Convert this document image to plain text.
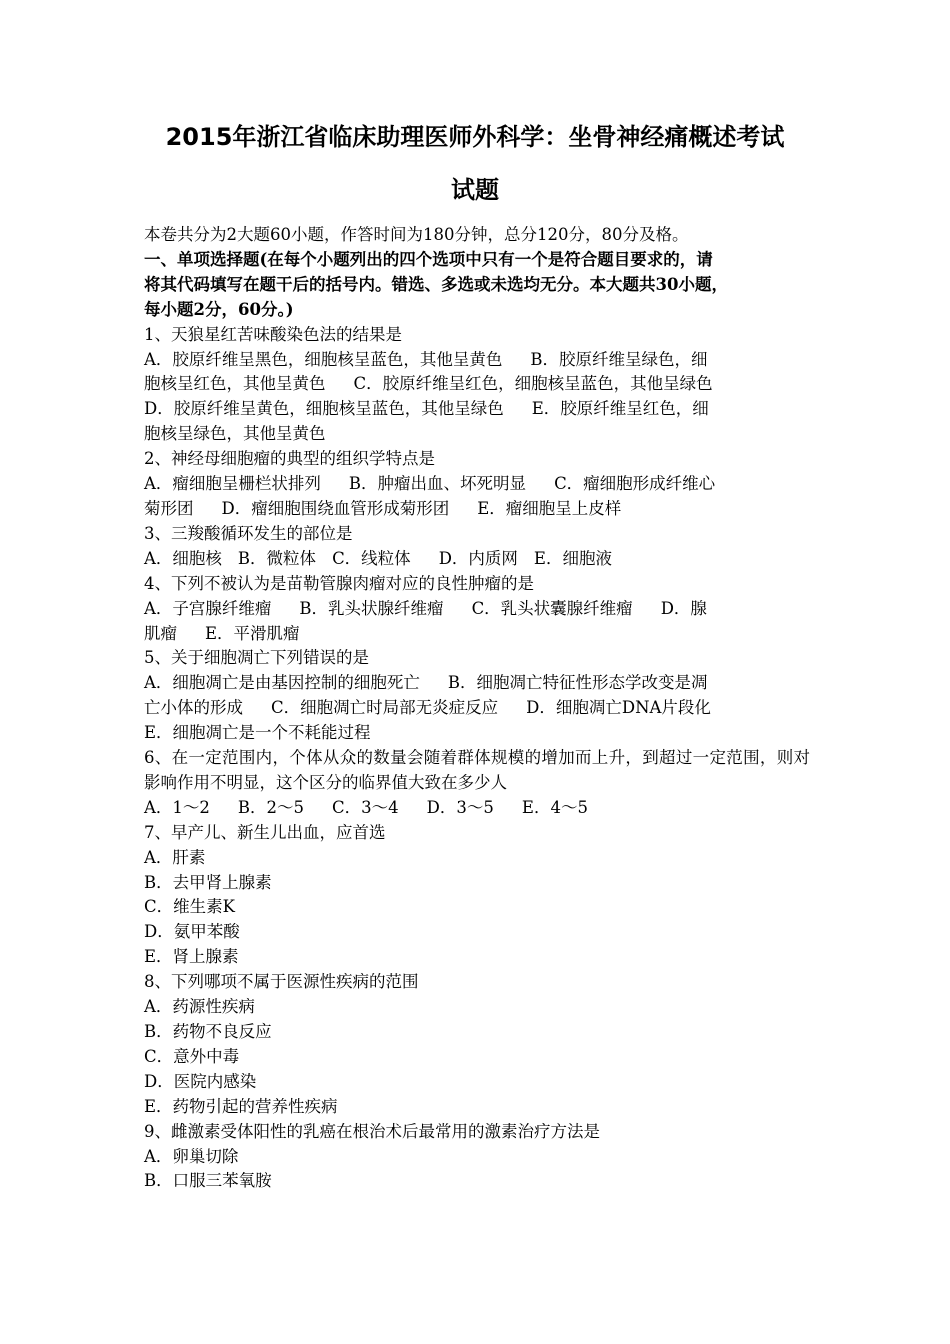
2015年浙江省临床助理医师外科学：坐骨神经痛概述考试
试题

本卷共分为2大题60小题，作答时间为180分钟，总分120分，80分及格。

一、单项选择题(在每个小题列出的四个选项中只有一个是符合题目要求的，请

将其代码填写在题干后的括号内。错选、多选或未选均无分。本大题共30小题，

每小题2分，60分。)

1、天狼星红苦味酸染色法的结果是

A．胶原纤维呈黑色，细胞核呈蓝色，其他呈黄色 B．胶原纤维呈绿色，细

胞核呈红色，其他呈黄色 C．胶原纤维呈红色，细胞核呈蓝色，其他呈绿色

D．胶原纤维呈黄色，细胞核呈蓝色，其他呈绿色 E．胶原纤维呈红色，细

胞核呈绿色，其他呈黄色

2、神经母细胞瘤的典型的组织学特点是

A．瘤细胞呈栅栏状排列 B．肿瘤出血、坏死明显 C．瘤细胞形成纤维心

菊形团 D．瘤细胞围绕血管形成菊形团 E．瘤细胞呈上皮样

3、三羧酸循环发生的部位是

A．细胞核 B．微粒体 C．线粒体 D．内质网 E．细胞液

4、下列不被认为是苗勒管腺肉瘤对应的良性肿瘤的是

A．子宫腺纤维瘤 B．乳头状腺纤维瘤 C．乳头状囊腺纤维瘤 D．腺

肌瘤 E．平滑肌瘤

5、关于细胞凋亡下列错误的是

A．细胞凋亡是由基因控制的细胞死亡 B．细胞凋亡特征性形态学改变是凋

亡小体的形成 C．细胞凋亡时局部无炎症反应 D．细胞凋亡DNA片段化

E．细胞凋亡是一个不耗能过程

6、在一定范围内，个体从众的数量会随着群体规模的增加而上升，到超过一定范围，则对影响作用不明显，这个区分的临界值大致在多少人

A．1～2 B．2～5 C．3～4 D．3～5 E．4～5

7、早产儿、新生儿出血，应首选

A．肝素

B．去甲肾上腺素

C．维生素K

D．氨甲苯酸

E．肾上腺素

8、下列哪项不属于医源性疾病的范围

A．药源性疾病

B．药物不良反应

C．意外中毒

D．医院内感染

E．药物引起的营养性疾病

9、雌激素受体阳性的乳癌在根治术后最常用的激素治疗方法是

A．卵巢切除

B．口服三苯氧胺
